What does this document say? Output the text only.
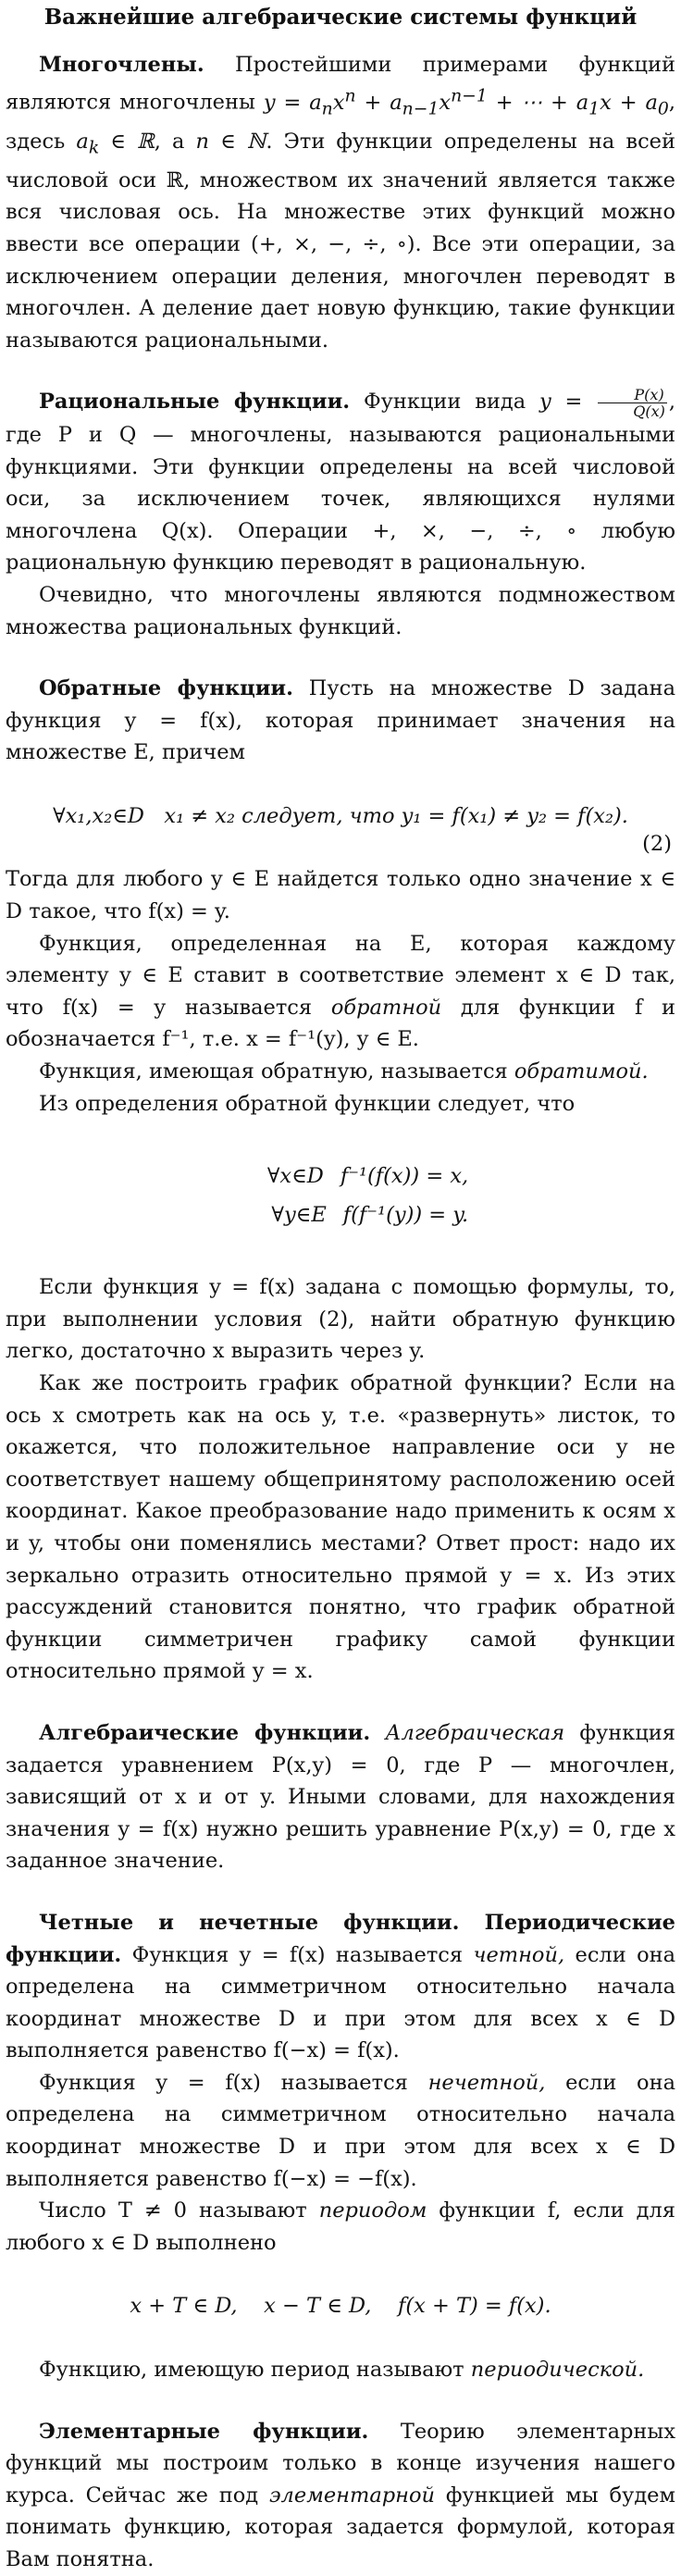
Важнейшие алгебраические системы функций

Многочлены. Простейшими примерами функций являются многочлены $y = a_nx^n + a_{n-1}x^{n-1}$ + ⋯ + $a_1x + a_0$, здесь $a_k$ ∈ ℝ, а n ∈ ℕ. Эти функции определены на всей числовой оси ℝ, множеством их значений является также вся числовая ось. На множестве этих функций можно ввести все операции (+, ×, −, ÷, ∘). Все эти операции, за исключением операции деления, многочлен переводят в многочлен. А деление дает новую функцию, такие функции называются рациональными.

Рациональные функции. Функции вида $y = \frac{P(x)}{Q(x)}$ , где P и Q — многочлены, называются рациональными функциями. Эти функции определены на всей числовой оси, за исключением точек, являющихся нулями многочлена Q(x). Операции +, ×, −, ÷, ∘ любую рациональную функцию переводят в рациональную.

Очевидно, что многочлены являются подмножеством множества рациональных функций.

Обратные функции. Пусть на множестве D задана функция y = f(x), которая принимает значения на множестве E, причем

∀x₁,x₂∈D x₁ ≠ x₂ следует, что y₁ = f(x₁) ≠ y₂ = f(x₂).
(2)

Тогда для любого y ∈ E найдется только одно значение x ∈ D такое, что f(x) = y.

Функция, определенная на E, которая каждому элементу y ∈ E ставит в соответствие элемент x ∈ D так, что f(x) = y называется обратной для функции f и обозначается f⁻¹, т.е. x = f⁻¹(y), y ∈ E.

Функция, имеющая обратную, называется обратимой.

Из определения обратной функции следует, что

∀x∈D f⁻¹(f(x)) = x,
∀y∈E f(f⁻¹(y)) = y.

Если функция y = f(x) задана с помощью формулы, то, при выполнении условия (2), найти обратную функцию легко, достаточно x выразить через y.

Как же построить график обратной функции? Если на ось x смотреть как на ось y, т.е. «развернуть» листок, то окажется, что положительное направление оси y не соответствует нашему общепринятому расположению осей координат. Какое преобразование надо применить к осям x и y, чтобы они поменялись местами? Ответ прост: надо их зеркально отразить относительно прямой y = x. Из этих рассуждений становится понятно, что график обратной функции симметричен графику самой функции относительно прямой y = x.

Алгебраические функции. Алгебраическая функция задается уравнением P(x,y) = 0, где P — многочлен, зависящий от x и от y. Иными словами, для нахождения значения y = f(x) нужно решить уравнение P(x,y) = 0, где x заданное значение.

Четные и нечетные функции. Периодические функции. Функция y = f(x) называется четной, если она определена на симметричном относительно начала координат множестве D и при этом для всех x ∈ D выполняется равенство f(−x) = f(x).

Функция y = f(x) называется нечетной, если она определена на симметричном относительно начала координат множестве D и при этом для всех x ∈ D выполняется равенство f(−x) = −f(x).

Число T ≠ 0 называют периодом функции f, если для любого x ∈ D выполнено

x + T ∈ D,    x − T ∈ D,    f(x + T) = f(x).

Функцию, имеющую период называют периодической.

Элементарные функции. Теорию элементарных функций мы построим только в конце изучения нашего курса. Сейчас же под элементарной функцией мы будем понимать функцию, которая задается формулой, которая Вам понятна.
